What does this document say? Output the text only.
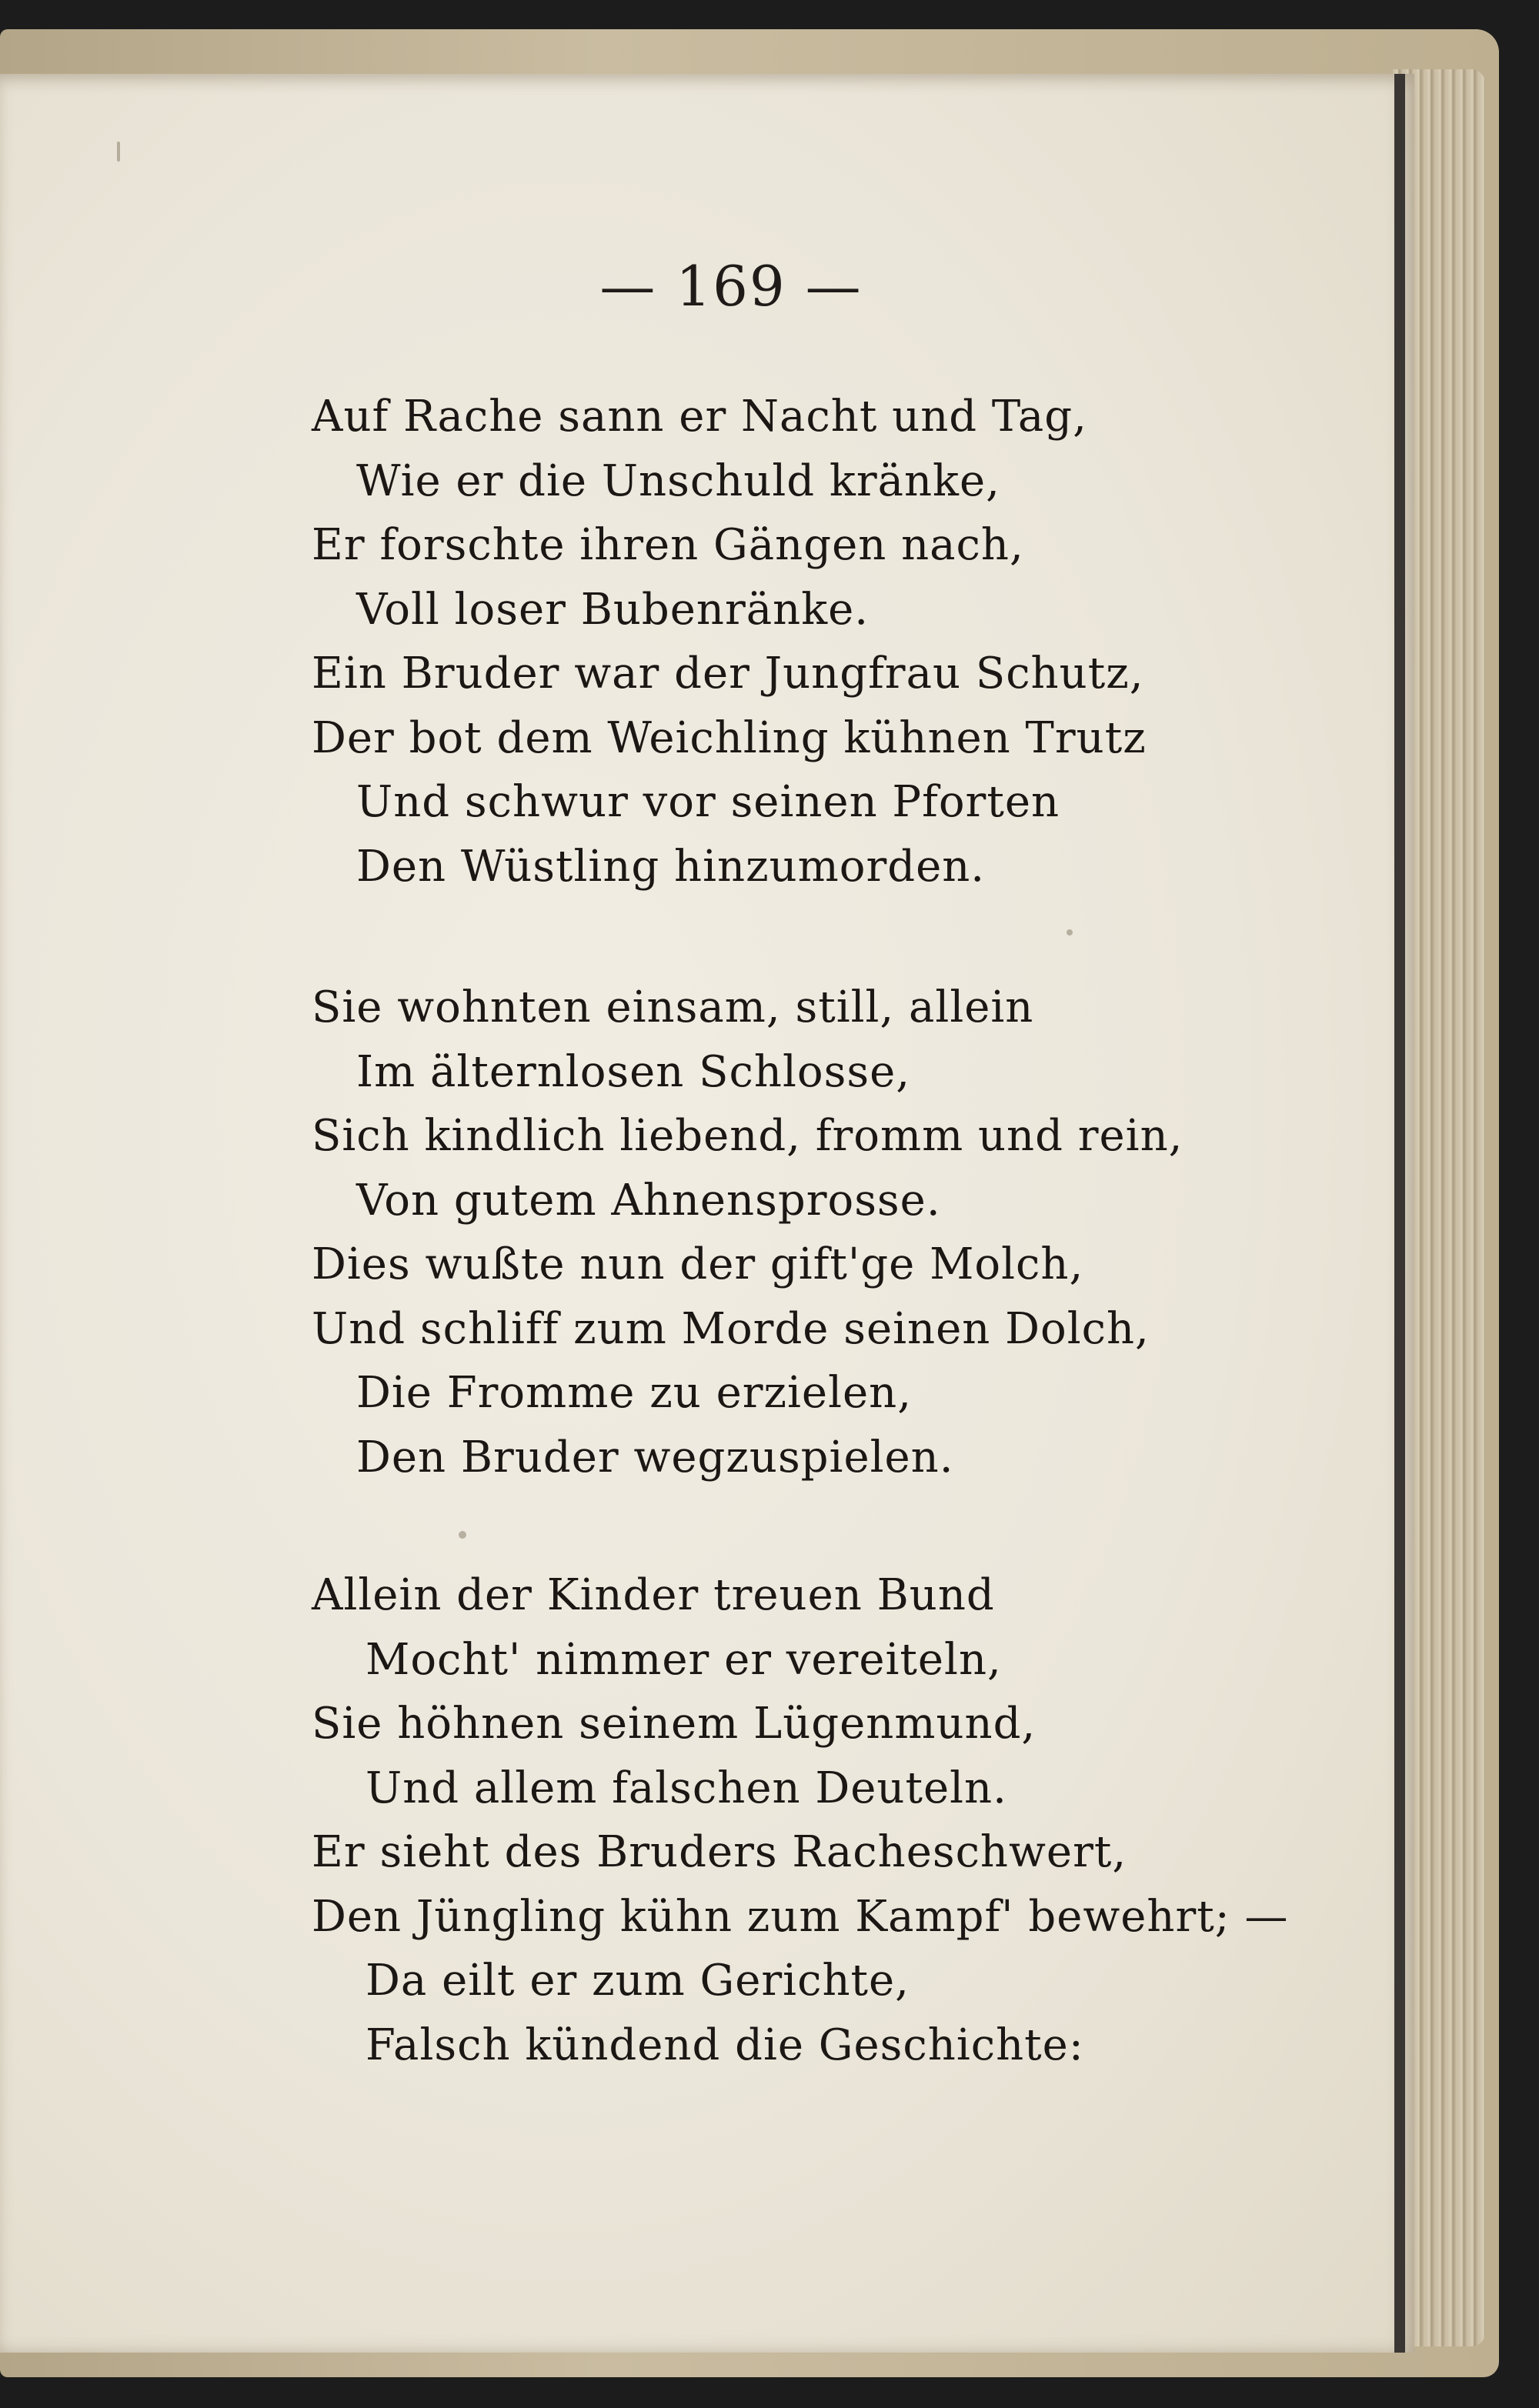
— 169 —
Auf Rache sann er Nacht und Tag,
Wie er die Unschuld kränke,
Er forschte ihren Gängen nach,
Voll loser Bubenränke.
Ein Bruder war der Jungfrau Schutz,
Der bot dem Weichling kühnen Trutz
Und schwur vor seinen Pforten
Den Wüstling hinzumorden.
Sie wohnten einsam, still, allein
Im älternlosen Schlosse,
Sich kindlich liebend, fromm und rein,
Von gutem Ahnensprosse.
Dies wußte nun der gift'ge Molch,
Und schliff zum Morde seinen Dolch,
Die Fromme zu erzielen,
Den Bruder wegzuspielen.
Allein der Kinder treuen Bund
Mocht' nimmer er vereiteln,
Sie höhnen seinem Lügenmund,
Und allem falschen Deuteln.
Er sieht des Bruders Racheschwert,
Den Jüngling kühn zum Kampf' bewehrt; —
Da eilt er zum Gerichte,
Falsch kündend die Geschichte:
